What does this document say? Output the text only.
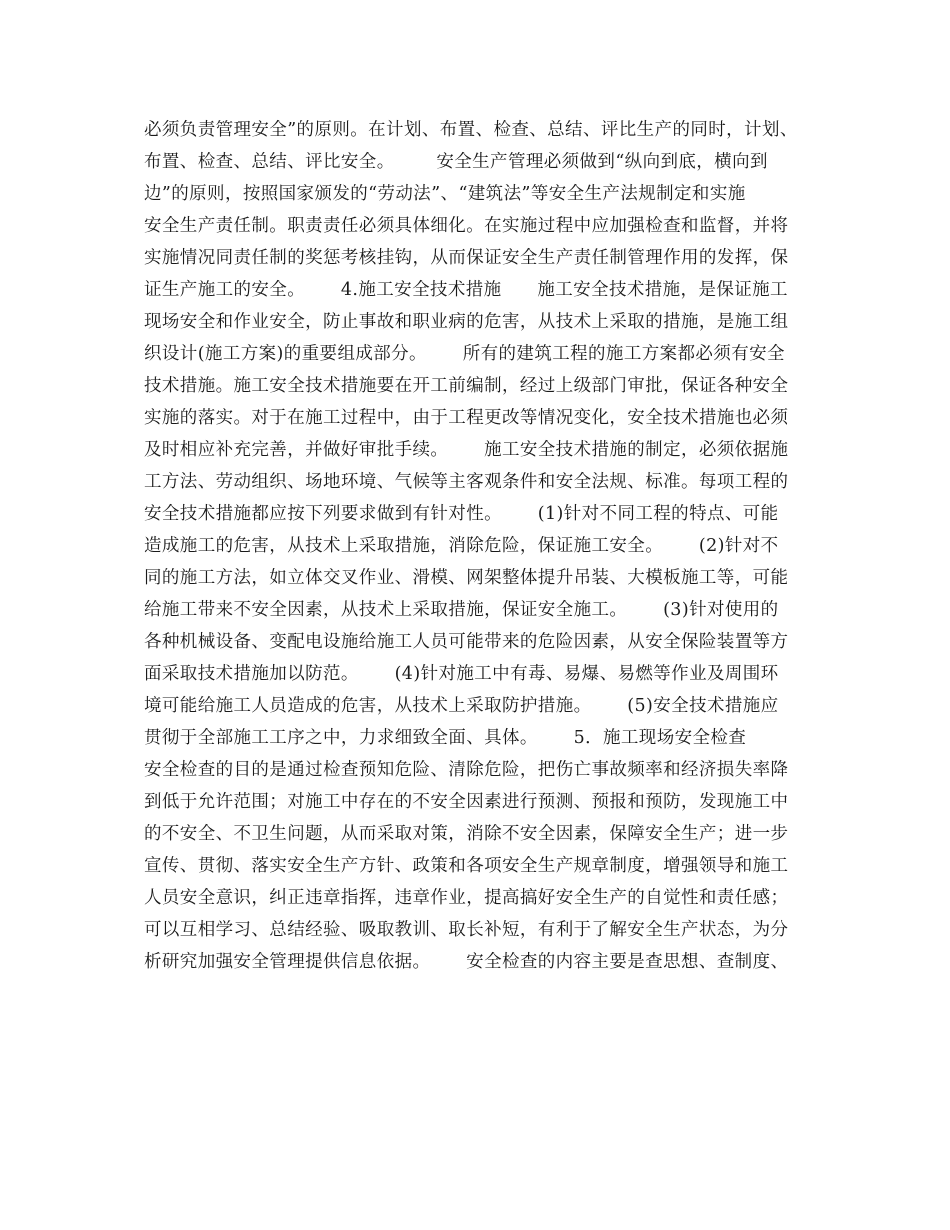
必须负责管理安全”的原则。在计划、布置、检查、总结、评比生产的同时，计划、
布置、检查、总结、评比安全。       安全生产管理必须做到“纵向到底，横向到
边”的原则，按照国家颁发的“劳动法”、“建筑法”等安全生产法规制定和实施
安全生产责任制。职责责任必须具体细化。在实施过程中应加强检查和监督，并将
实施情况同责任制的奖惩考核挂钩，从而保证安全生产责任制管理作用的发挥，保
证生产施工的安全。      4.施工安全技术措施      施工安全技术措施，是保证施工
现场安全和作业安全，防止事故和职业病的危害，从技术上采取的措施，是施工组
织设计(施工方案)的重要组成部分。      所有的建筑工程的施工方案都必须有安全
技术措施。施工安全技术措施要在开工前编制，经过上级部门审批，保证各种安全
实施的落实。对于在施工过程中，由于工程更改等情况变化，安全技术措施也必须
及时相应补充完善，并做好审批手续。      施工安全技术措施的制定，必须依据施
工方法、劳动组织、场地环境、气候等主客观条件和安全法规、标准。每项工程的
安全技术措施都应按下列要求做到有针对性。      (1)针对不同工程的特点、可能
造成施工的危害，从技术上采取措施，消除危险，保证施工安全。      (2)针对不
同的施工方法，如立体交叉作业、滑模、网架整体提升吊装、大模板施工等，可能
给施工带来不安全因素，从技术上采取措施，保证安全施工。      (3)针对使用的
各种机械设备、变配电设施给施工人员可能带来的危险因素，从安全保险装置等方
面采取技术措施加以防范。      (4)针对施工中有毒、易爆、易燃等作业及周围环
境可能给施工人员造成的危害，从技术上采取防护措施。      (5)安全技术措施应
贯彻于全部施工工序之中，力求细致全面、具体。      5．施工现场安全检查
安全检查的目的是通过检查预知危险、清除危险，把伤亡事故频率和经济损失率降
到低于允许范围；对施工中存在的不安全因素进行预测、预报和预防，发现施工中
的不安全、不卫生问题，从而采取对策，消除不安全因素，保障安全生产；进一步
宣传、贯彻、落实安全生产方针、政策和各项安全生产规章制度，增强领导和施工
人员安全意识，纠正违章指挥，违章作业，提高搞好安全生产的自觉性和责任感；
可以互相学习、总结经验、吸取教训、取长补短，有利于了解安全生产状态，为分
析研究加强安全管理提供信息依据。      安全检查的内容主要是查思想、查制度、
